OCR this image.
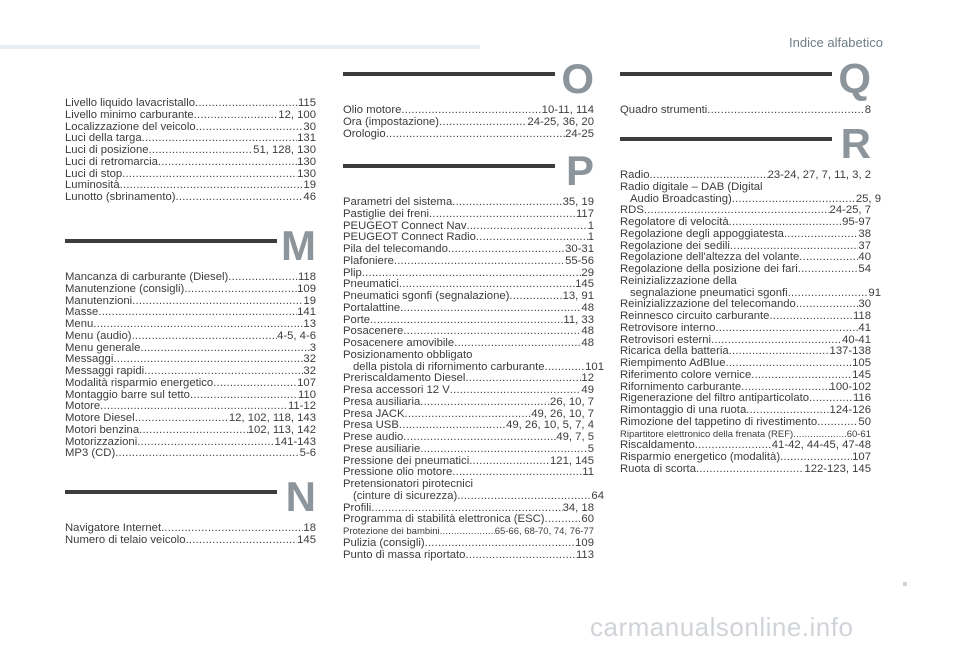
Indice alfabetico
Livello liquido lavacristallo .....	115
Livello minimo carburante .....	12, 100
Localizzazione del veicolo .....	30
Luci della targa .....	131
Luci di posizione .....	51, 128, 130
Luci di retromarcia .....	130
Luci di stop .....	130
Luminosità .....	19
Lunotto (sbrinamento) .....	46
M
Mancanza di carburante (Diesel) .....	118
Manutenzione (consigli) .....	109
Manutenzioni .....	19
Masse .....	141
Menu .....	13
Menu (audio) .....	4-5, 4-6
Menu generale .....	3
Messaggi .....	32
Messaggi rapidi .....	32
Modalità risparmio energetico .....	107
Montaggio barre sul tetto .....	110
Motore .....	11-12
Motore Diesel .....	12, 102, 118, 143
Motori benzina .....	102, 113, 142
Motorizzazioni .....	141-143
MP3 (CD) .....	5-6
N
Navigatore Internet .....	18
Numero di telaio veicolo .....	145
O
Olio motore .....	10-11, 114
Ora (impostazione) .....	24-25, 36, 20
Orologio .....	24-25
P
Parametri del sistema .....	35, 19
Pastiglie dei freni .....	117
PEUGEOT Connect Nav .....	1
PEUGEOT Connect Radio .....	1
Pila del telecomando .....	30-31
Plafoniere .....	55-56
Plip .....	29
Pneumatici .....	145
Pneumatici sgonfi (segnalazione) .....	13, 91
Portalattine .....	48
Porte .....	11, 33
Posacenere .....	48
Posacenere amovibile .....	48
Posizionamento obbligato
della pistola di rifornimento carburante .....	101
Preriscaldamento Diesel .....	12
Presa accessori 12 V .....	49
Presa ausiliaria .....	26, 10, 7
Presa JACK .....	49, 26, 10, 7
Presa USB .....	49, 26, 10, 5, 7, 4
Prese audio .....	49, 7, 5
Prese ausiliarie .....	5
Pressione dei pneumatici .....	121, 145
Pressione olio motore .....	11
Pretensionatori pirotecnici
(cinture di sicurezza) .....	64
Profili .....	34, 18
Programma di stabilità elettronica (ESC) .....	60
Protezione dei bambini .....	65-66, 68-70, 74, 76-77
Pulizia (consigli) .....	109
Punto di massa riportato .....	113
Q
Quadro strumenti .....	8
R
Radio .....	23-24, 27, 7, 11, 3, 2
Radio digitale – DAB (Digital
Audio Broadcasting) .....	25, 9
RDS .....	24-25, 7
Regolatore di velocità .....	95-97
Regolazione degli appoggiatesta .....	38
Regolazione dei sedili .....	37
Regolazione dell'altezza del volante .....	40
Regolazione della posizione dei fari .....	54
Reinizializzazione della
segnalazione pneumatici sgonfi .....	91
Reinizializzazione del telecomando .....	30
Reinnesco circuito carburante .....	118
Retrovisore interno .....	41
Retrovisori esterni .....	40-41
Ricarica della batteria .....	137-138
Riempimento AdBlue .....	105
Riferimento colore vernice .....	145
Rifornimento carburante .....	100-102
Rigenerazione del filtro antiparticolato .....	116
Rimontaggio di una ruota .....	124-126
Rimozione del tappetino di rivestimento .....	50
Ripartitore elettronico della frenata (REF) .....	60-61
Riscaldamento .....	41-42, 44-45, 47-48
Risparmio energetico (modalità) .....	107
Ruota di scorta .....	122-123, 145
carmanualsonline.info
